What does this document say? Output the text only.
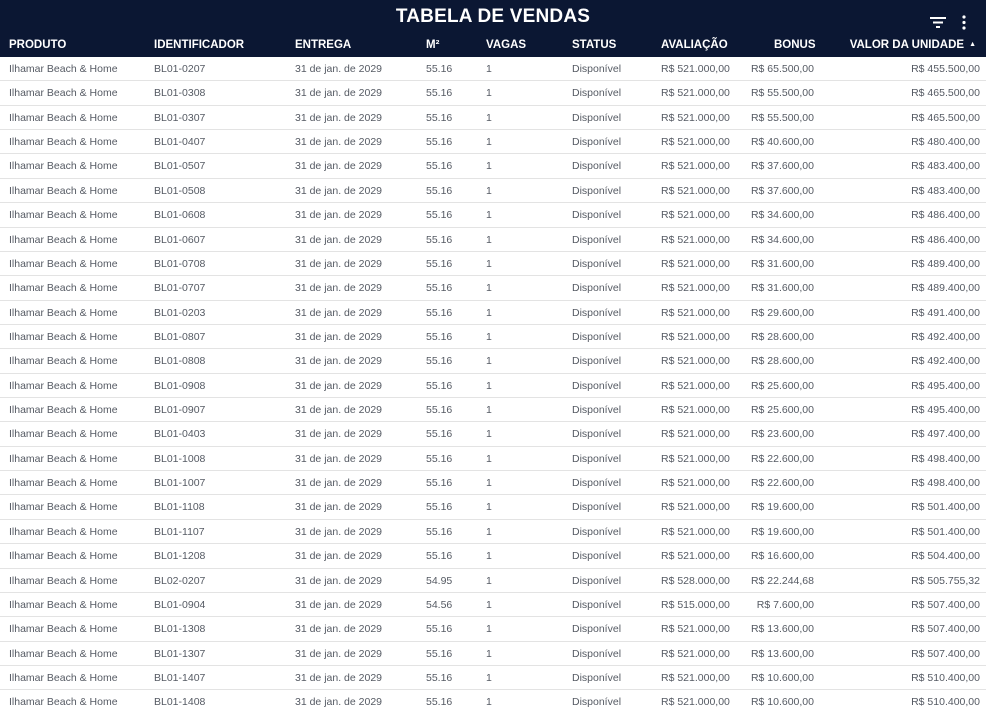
TABELA DE VENDAS
PRODUTO	IDENTIFICADOR	ENTREGA	M²	VAGAS	STATUS	AVALIAÇÃO	BONUS	VALOR DA UNIDADE ▲
Ilhamar Beach & Home	BL01-0207	31 de jan. de 2029	55.16	1	Disponível	R$ 521.000,00 R$ 65.500,00	R$ 455.500,00
Ilhamar Beach & Home	BL01-0308	31 de jan. de 2029	55.16	1	Disponível	R$ 521.000,00 R$ 55.500,00	R$ 465.500,00
Ilhamar Beach & Home	BL01-0307	31 de jan. de 2029	55.16	1	Disponível	R$ 521.000,00 R$ 55.500,00	R$ 465.500,00
Ilhamar Beach & Home	BL01-0407	31 de jan. de 2029	55.16	1	Disponível	R$ 521.000,00 R$ 40.600,00	R$ 480.400,00
Ilhamar Beach & Home	BL01-0507	31 de jan. de 2029	55.16	1	Disponível	R$ 521.000,00 R$ 37.600,00	R$ 483.400,00
Ilhamar Beach & Home	BL01-0508	31 de jan. de 2029	55.16	1	Disponível	R$ 521.000,00 R$ 37.600,00	R$ 483.400,00
Ilhamar Beach & Home	BL01-0608	31 de jan. de 2029	55.16	1	Disponível	R$ 521.000,00 R$ 34.600,00	R$ 486.400,00
Ilhamar Beach & Home	BL01-0607	31 de jan. de 2029	55.16	1	Disponível	R$ 521.000,00 R$ 34.600,00	R$ 486.400,00
Ilhamar Beach & Home	BL01-0708	31 de jan. de 2029	55.16	1	Disponível	R$ 521.000,00 R$ 31.600,00	R$ 489.400,00
Ilhamar Beach & Home	BL01-0707	31 de jan. de 2029	55.16	1	Disponível	R$ 521.000,00 R$ 31.600,00	R$ 489.400,00
Ilhamar Beach & Home	BL01-0203	31 de jan. de 2029	55.16	1	Disponível	R$ 521.000,00 R$ 29.600,00	R$ 491.400,00
Ilhamar Beach & Home	BL01-0807	31 de jan. de 2029	55.16	1	Disponível	R$ 521.000,00 R$ 28.600,00	R$ 492.400,00
Ilhamar Beach & Home	BL01-0808	31 de jan. de 2029	55.16	1	Disponível	R$ 521.000,00 R$ 28.600,00	R$ 492.400,00
Ilhamar Beach & Home	BL01-0908	31 de jan. de 2029	55.16	1	Disponível	R$ 521.000,00 R$ 25.600,00	R$ 495.400,00
Ilhamar Beach & Home	BL01-0907	31 de jan. de 2029	55.16	1	Disponível	R$ 521.000,00 R$ 25.600,00	R$ 495.400,00
Ilhamar Beach & Home	BL01-0403	31 de jan. de 2029	55.16	1	Disponível	R$ 521.000,00 R$ 23.600,00	R$ 497.400,00
Ilhamar Beach & Home	BL01-1008	31 de jan. de 2029	55.16	1	Disponível	R$ 521.000,00 R$ 22.600,00	R$ 498.400,00
Ilhamar Beach & Home	BL01-1007	31 de jan. de 2029	55.16	1	Disponível	R$ 521.000,00 R$ 22.600,00	R$ 498.400,00
Ilhamar Beach & Home	BL01-1108	31 de jan. de 2029	55.16	1	Disponível	R$ 521.000,00 R$ 19.600,00	R$ 501.400,00
Ilhamar Beach & Home	BL01-1107	31 de jan. de 2029	55.16	1	Disponível	R$ 521.000,00 R$ 19.600,00	R$ 501.400,00
Ilhamar Beach & Home	BL01-1208	31 de jan. de 2029	55.16	1	Disponível	R$ 521.000,00 R$ 16.600,00	R$ 504.400,00
Ilhamar Beach & Home	BL02-0207	31 de jan. de 2029	54.95	1	Disponível	R$ 528.000,00 R$ 22.244,68	R$ 505.755,32
Ilhamar Beach & Home	BL01-0904	31 de jan. de 2029	54.56	1	Disponível	R$ 515.000,00	R$ 7.600,00	R$ 507.400,00
Ilhamar Beach & Home	BL01-1308	31 de jan. de 2029	55.16	1	Disponível	R$ 521.000,00 R$ 13.600,00	R$ 507.400,00
Ilhamar Beach & Home	BL01-1307	31 de jan. de 2029	55.16	1	Disponível	R$ 521.000,00 R$ 13.600,00	R$ 507.400,00
Ilhamar Beach & Home	BL01-1407	31 de jan. de 2029	55.16	1	Disponível	R$ 521.000,00 R$ 10.600,00	R$ 510.400,00
Ilhamar Beach & Home	BL01-1408	31 de jan. de 2029	55.16	1	Disponível	R$ 521.000,00 R$ 10.600,00	R$ 510.400,00
